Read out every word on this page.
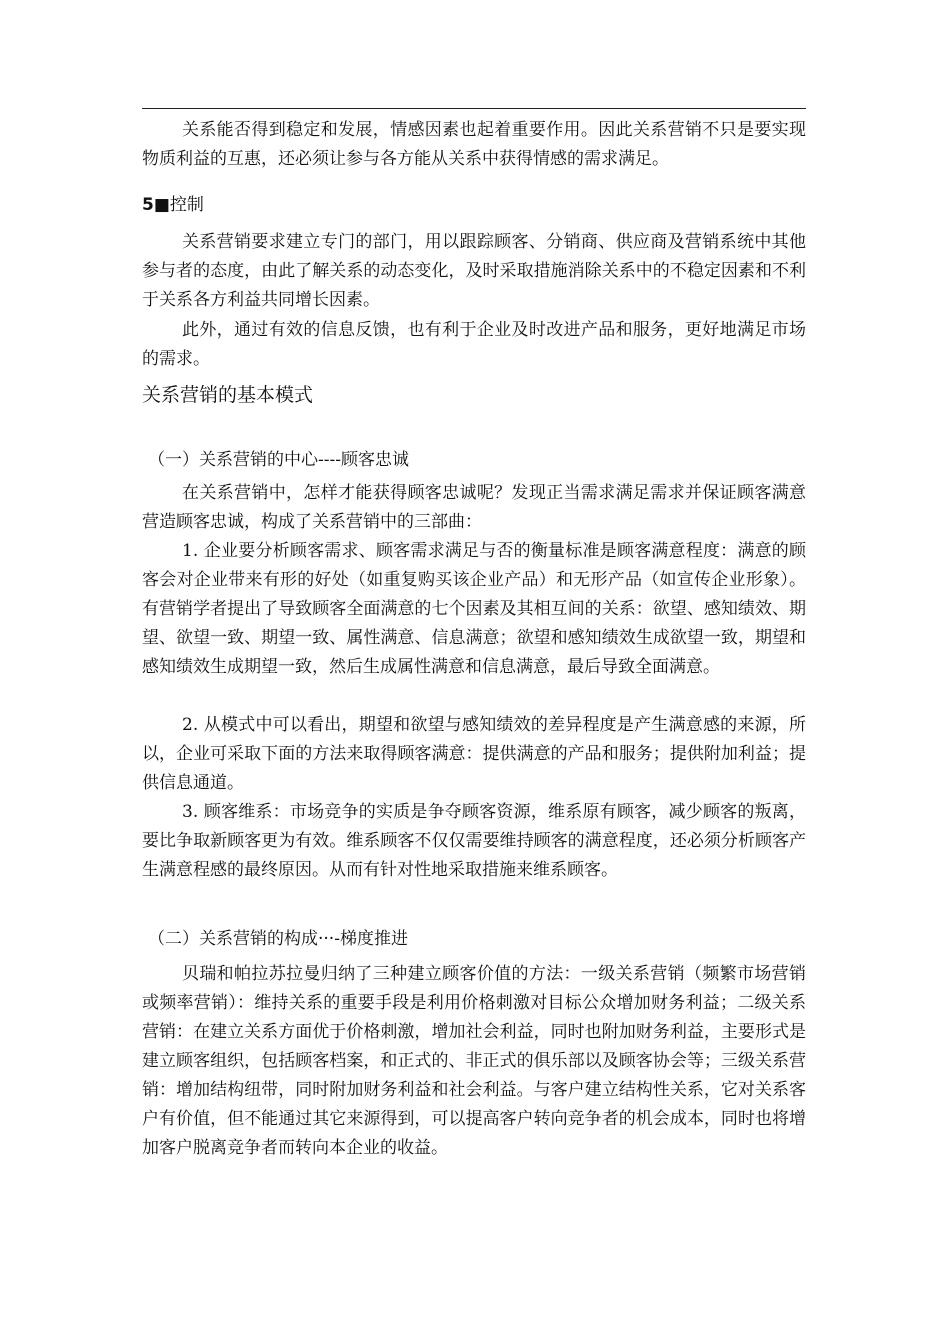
关系能否得到稳定和发展，情感因素也起着重要作用。因此关系营销不只是要实现物质利益的互惠，还必须让参与各方能从关系中获得情感的需求满足。

5■控制

关系营销要求建立专门的部门，用以跟踪顾客、分销商、供应商及营销系统中其他参与者的态度，由此了解关系的动态变化，及时采取措施消除关系中的不稳定因素和不利于关系各方利益共同增长因素。

此外，通过有效的信息反馈，也有利于企业及时改进产品和服务，更好地满足市场的需求。

关系营销的基本模式
（一）关系营销的中心----顾客忠诚

在关系营销中，怎样才能获得顾客忠诚呢？发现正当需求满足需求并保证顾客满意营造顾客忠诚，构成了关系营销中的三部曲：

1. 企业要分析顾客需求、顾客需求满足与否的衡量标准是顾客满意程度：满意的顾客会对企业带来有形的好处（如重复购买该企业产品）和无形产品（如宣传企业形象）。有营销学者提出了导致顾客全面满意的七个因素及其相互间的关系：欲望、感知绩效、期望、欲望一致、期望一致、属性满意、信息满意；欲望和感知绩效生成欲望一致，期望和感知绩效生成期望一致，然后生成属性满意和信息满意，最后导致全面满意。

2. 从模式中可以看出，期望和欲望与感知绩效的差异程度是产生满意感的来源，所以，企业可采取下面的方法来取得顾客满意：提供满意的产品和服务；提供附加利益；提供信息通道。

3. 顾客维系：市场竞争的实质是争夺顾客资源，维系原有顾客，减少顾客的叛离，要比争取新顾客更为有效。维系顾客不仅仅需要维持顾客的满意程度，还必须分析顾客产生满意程感的最终原因。从而有针对性地采取措施来维系顾客。

（二）关系营销的构成···-梯度推进

贝瑞和帕拉苏拉曼归纳了三种建立顾客价值的方法：一级关系营销（频繁市场营销或频率营销）：维持关系的重要手段是利用价格刺激对目标公众增加财务利益；二级关系营销：在建立关系方面优于价格刺激，增加社会利益，同时也附加财务利益，主要形式是建立顾客组织，包括顾客档案，和正式的、非正式的俱乐部以及顾客协会等；三级关系营销：增加结构纽带，同时附加财务利益和社会利益。与客户建立结构性关系，它对关系客户有价值，但不能通过其它来源得到，可以提高客户转向竞争者的机会成本，同时也将增加客户脱离竞争者而转向本企业的收益。
